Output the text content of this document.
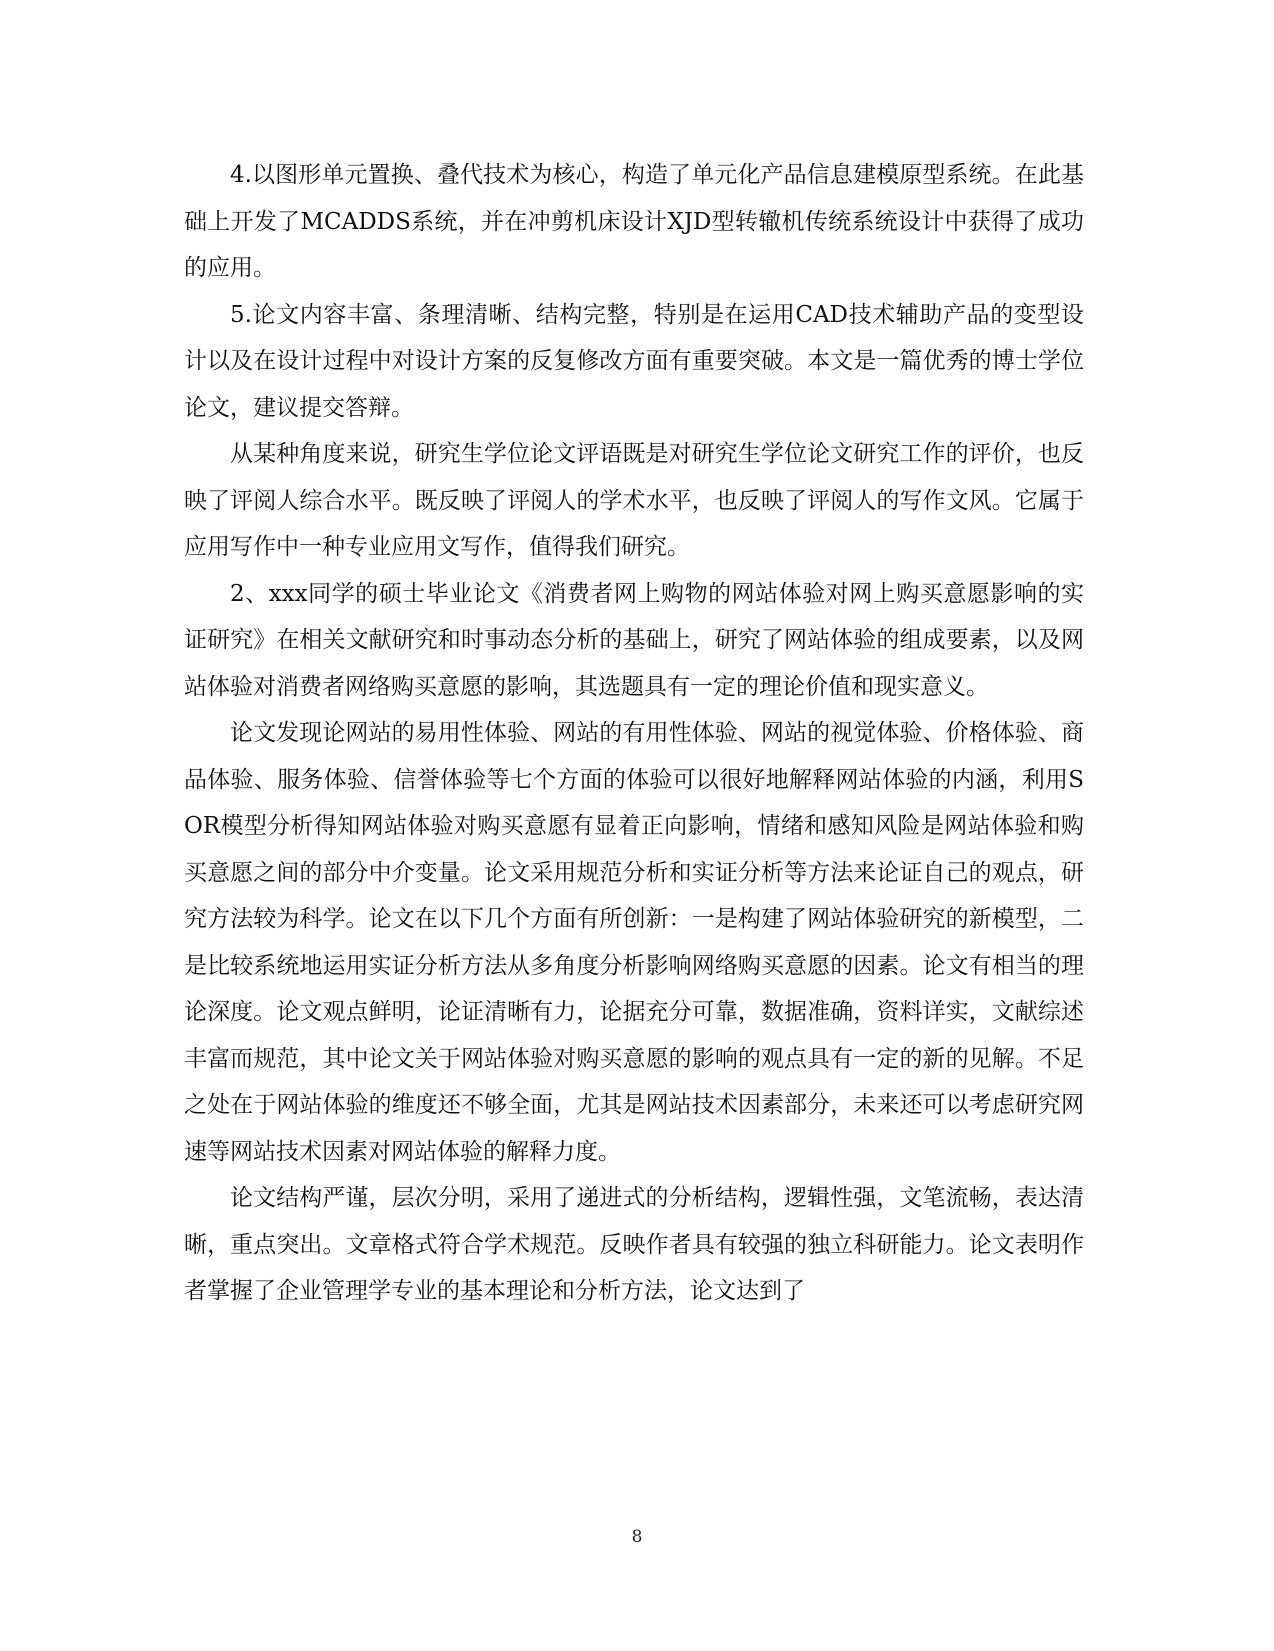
4.以图形单元置换、叠代技术为核心，构造了单元化产品信息建模原型系统。在此基础上开发了MCADDS系统，并在冲剪机床设计XJD型转辙机传统系统设计中获得了成功的应用。

5.论文内容丰富、条理清晰、结构完整，特别是在运用CAD技术辅助产品的变型设计以及在设计过程中对设计方案的反复修改方面有重要突破。本文是一篇优秀的博士学位论文，建议提交答辩。

从某种角度来说，研究生学位论文评语既是对研究生学位论文研究工作的评价，也反映了评阅人综合水平。既反映了评阅人的学术水平，也反映了评阅人的写作文风。它属于应用写作中一种专业应用文写作，值得我们研究。

2、xxx同学的硕士毕业论文《消费者网上购物的网站体验对网上购买意愿影响的实证研究》在相关文献研究和时事动态分析的基础上，研究了网站体验的组成要素，以及网站体验对消费者网络购买意愿的影响，其选题具有一定的理论价值和现实意义。

论文发现论网站的易用性体验、网站的有用性体验、网站的视觉体验、价格体验、商品体验、服务体验、信誉体验等七个方面的体验可以很好地解释网站体验的内涵，利用SOR模型分析得知网站体验对购买意愿有显着正向影响，情绪和感知风险是网站体验和购买意愿之间的部分中介变量。论文采用规范分析和实证分析等方法来论证自己的观点，研究方法较为科学。论文在以下几个方面有所创新：一是构建了网站体验研究的新模型，二是比较系统地运用实证分析方法从多角度分析影响网络购买意愿的因素。论文有相当的理论深度。论文观点鲜明，论证清晰有力，论据充分可靠，数据准确，资料详实，文献综述丰富而规范，其中论文关于网站体验对购买意愿的影响的观点具有一定的新的见解。不足之处在于网站体验的维度还不够全面，尤其是网站技术因素部分，未来还可以考虑研究网速等网站技术因素对网站体验的解释力度。

论文结构严谨，层次分明，采用了递进式的分析结构，逻辑性强，文笔流畅，表达清晰，重点突出。文章格式符合学术规范。反映作者具有较强的独立科研能力。论文表明作者掌握了企业管理学专业的基本理论和分析方法，论文达到了

8
